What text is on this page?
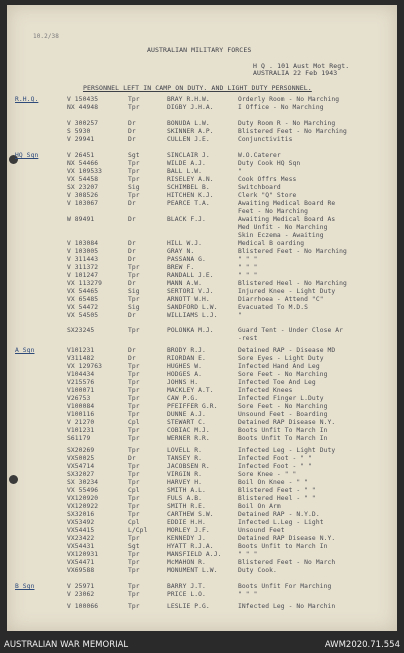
10.2/38
AUSTRALIAN MILITARY FORCES
H Q . 101 Aust Mot Regt.
AUSTRALIA 22 Feb 1943
PERSONNEL LEFT IN CAMP ON DUTY. AND LIGHT DUTY PERSONNEL.
R.H.Q.	V 150435	Tpr	BRAY R.H.W.	Orderly Room - No Marching
NX 44948	Tpr	DIGBY J.H.A.	I Office - No Marching
V 300257	Dr	BONUDA L.W.	Duty Room R - No Marching
S 5930	Dr	SKINNER A.P.	Blistered Feet - No Marching
V 29941	Dr	CULLEN J.E.	Conjunctivitis
HQ Sqn	V 26451	Sgt	SINCLAIR J.	W.O.Caterer
NX 54466	Tpr	WILDE A.J.	Duty Cook HQ Sqn
VX 109533	Tpr	BALL L.W.	"
VX 54458	Tpr	RISELEY A.N.	Cook Offrs Mess
SX 23207	Sig	SCHIMBEL B.	Switchboard
V 308526	Tpr	HITCHEN K.J.	Clerk "Q" Store
V 103067	Dr	PEARCE T.A.	Awaiting Medical Board Re
Feet - No Marching
W 89491	Dr	BLACK F.J.	Awaiting Medical Board As
Med Unfit - No Marching
Skin Eczema - Awaiting
V 103084	Dr	HILL W.J.	Medical B oarding
V 103005	Dr	GRAY N.	Blistered Feet - No Marching
V 311443	Dr	PASSANA G.	" " "
V 311372	Tpr	BREW F.	" " "
V 101247	Tpr	RANDALL J.E.	" " "
VX 113279	Dr	MANN A.W.	Blistered Heel - No Marching
VX 54465	Sig	SERTORI V.J.	Injured Knee - Light Duty
VX 65485	Tpr	ARNOTT W.H.	Diarrhoea - Attend "C"
VX 54472	Sig	SANDFORD L.W.	Evacuated To M.D.S
VX 54505	Dr	WILLIAMS L.J.	"
SX23245	Tpr	POLONKA M.J.	Guard Tent - Under Close Ar
-rest
A Sqn	V101231	Dr	BRODY R.J.	Detained RAP - Disease MD
V311482	Dr	RIORDAN E.	Sore Eyes - Light Duty
VX 129763	Tpr	HUGHES W.	Infected Hand And Leg
V104434	Tpr	HODGES A.	Sore Feet - No Marching
V215576	Tpr	JOHNS H.	Infected Toe And Leg
V100071	Tpr	MACKLEY A.T.	Infected Knees
V26753	Tpr	CAW P.G.	Infected Finger L.Duty
V100084	Tpr	PFEIFFER G.R.	Sore Feet - No Marching
V100116	Tpr	DUNNE A.J.	Unsound Feet - Boarding
V 21270	Cpl	STEWART C.	Detained RAP Disease N.Y.
V101231	Tpr	COBIAC M.J.	Boots Unfit To March In
S61179	Tpr	WERNER R.R.	Boots Unfit To March In
SX20269	Tpr	LOVELL R.	Infected Leg - Light Duty
VX50025	Dr	TANSEY R.	Infected Foot - " "
VX54714	Tpr	JACOBSEN R.	Infected Foot - " "
SX32027	Tpr	VIRGIN R.	Sore Knee - " "
SX 30234	Tpr	HARVEY H.	Boil On Knee - " "
VX 55496	Cpl	SMITH A.L.	Blistered Feet - " "
VX120920	Tpr	FULS A.B.	Blistered Heel - " "
VX120922	Tpr	SMITH R.E.	Boil On Arm
SX32016	Tpr	CARTHEW S.W.	Detained RAP - N.Y.D.
VX53492	Cpl	EDDIE H.H.	Infected L.Leg - Light
VX54415	L/Cpl	MORLEY J.F.	Unsound Feet
VX23422	Tpr	KENNEDY J.	Detained RAP Disease N.Y.
VX54431	Sgt	HYATT R.J.A.	Boots Unfit to March In
VX120931	Tpr	MANSFIELD A.J.	" " "
VX54471	Tpr	McMAHON R.	Blistered Feet - No March
VX69588	Tpr	MONUMENT L.W.	Duty Cook.
B Sqn	V 25971	Tpr	BARRY J.T.	Boots Unfit For Marching
V 23062	Tpr	PRICE L.O.	" " "
V 100066	Tpr	LESLIE P.G.	INfected Leg - No Marchin
AUSTRALIAN WAR MEMORIAL	AWM2020.71.554
